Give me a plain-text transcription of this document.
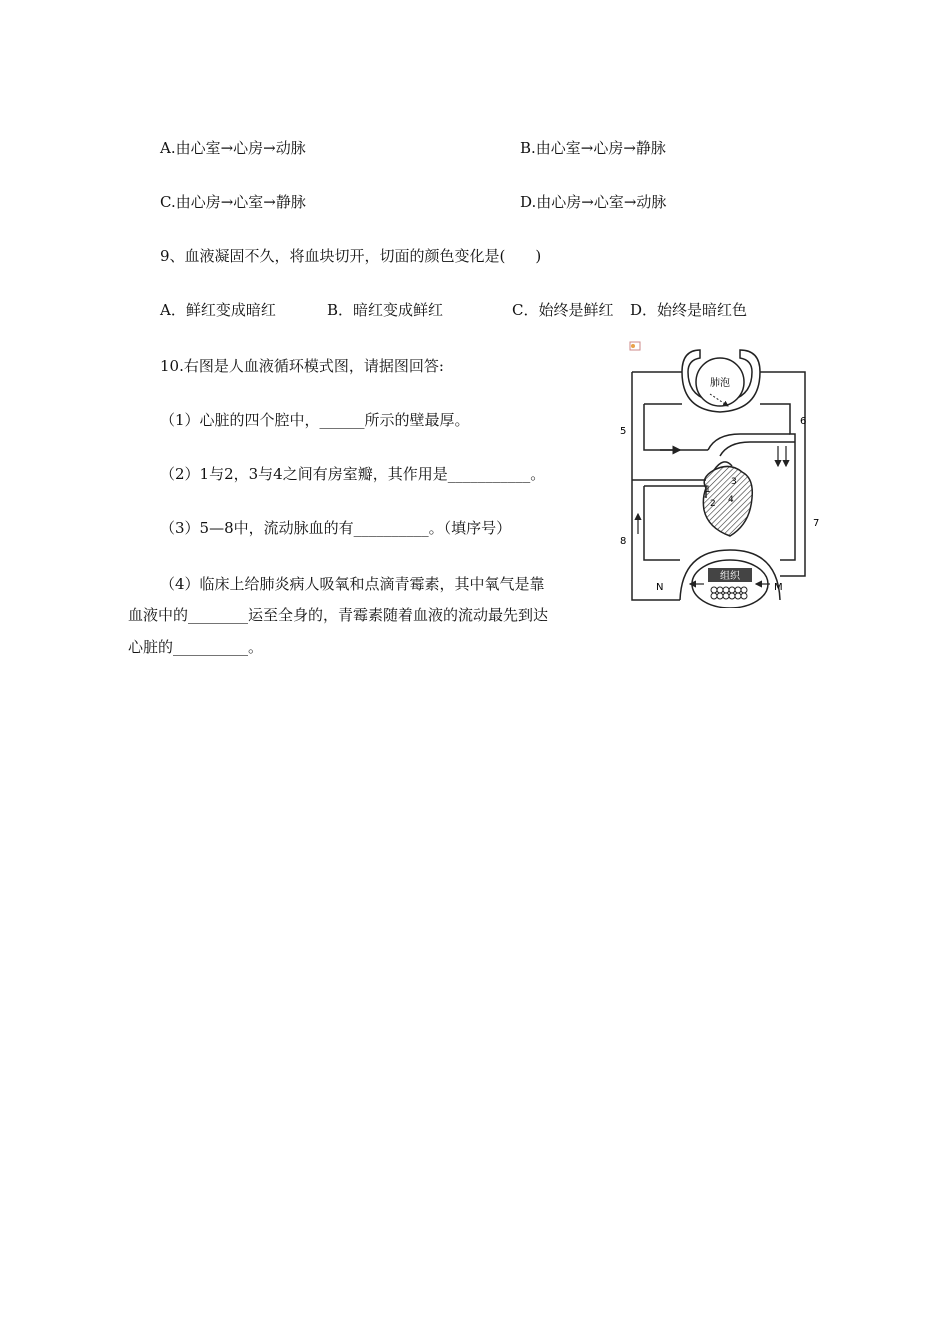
A.由心室→心房→动脉	B.由心室→心房→静脉
C.由心房→心室→静脉	D.由心房→心室→动脉
9、血液凝固不久，将血块切开，切面的颜色变化是(　　)
A．鲜红变成暗红	B．暗红变成鲜红	C．始终是鲜红 D．始终是暗红色
10.右图是人血液循环模式图，请据图回答:
（1）心脏的四个腔中，______所示的壁最厚。
（2）1与2，3与4之间有房室瓣，其作用是___________。
（3）5—8中，流动脉血的有__________。（填序号）
（4）临床上给肺炎病人吸氧和点滴青霉素，其中氧气是靠
血液中的________运至全身的，青霉素随着血液的流动最先到达
心脏的__________。
肺泡
1
2
3
4
组织
5
6
7
8
N	M
